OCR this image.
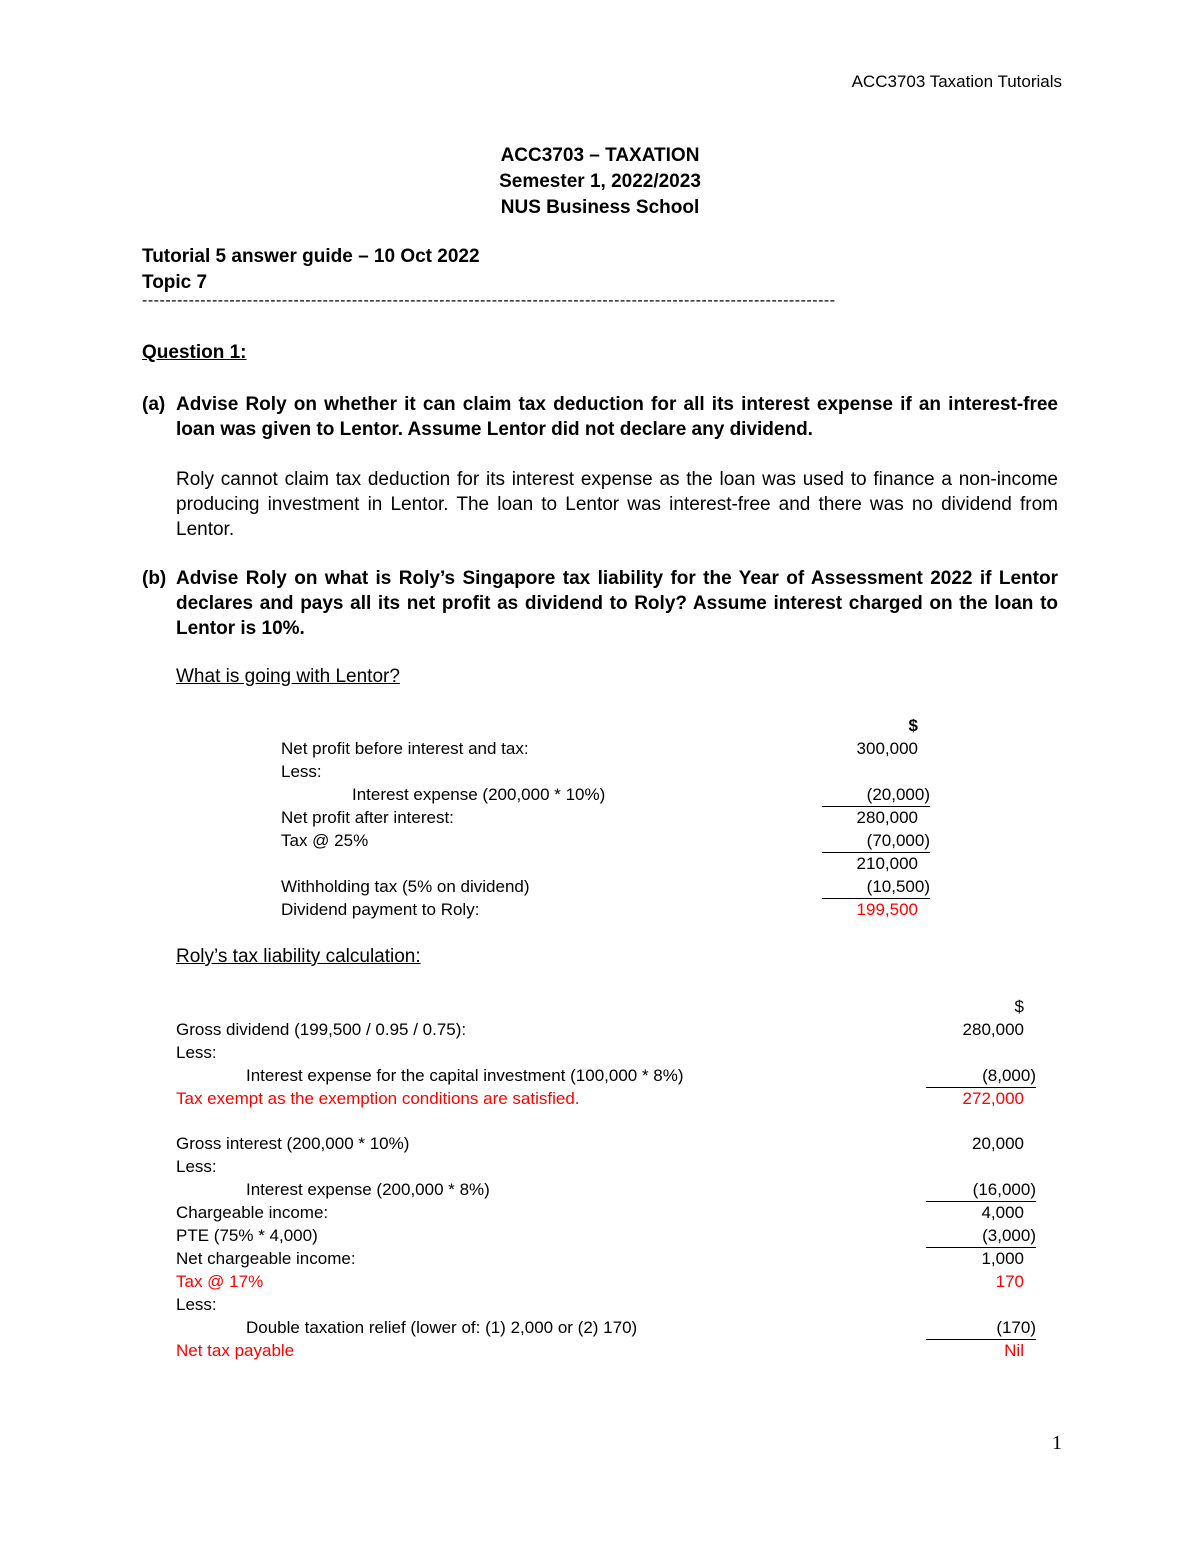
ACC3703 Taxation Tutorials
ACC3703 – TAXATION
Semester 1, 2022/2023
NUS Business School
Tutorial 5 answer guide – 10 Oct 2022
Topic 7
-----------------------------------------------------------------------------------------------------------------------
Question 1:
(a) Advise Roly on whether it can claim tax deduction for all its interest expense if an interest-free loan was given to Lentor. Assume Lentor did not declare any dividend.
Roly cannot claim tax deduction for its interest expense as the loan was used to finance a non-income producing investment in Lentor. The loan to Lentor was interest-free and there was no dividend from Lentor.
(b) Advise Roly on what is Roly’s Singapore tax liability for the Year of Assessment 2022 if Lentor declares and pays all its net profit as dividend to Roly? Assume interest charged on the loan to Lentor is 10%.
What is going with Lentor?
$
Net profit before interest and tax:	300,000
Less:
Interest expense (200,000 * 10%)	(20,000)
Net profit after interest:	280,000
Tax @ 25%	(70,000)
210,000
Withholding tax (5% on dividend)	(10,500)
Dividend payment to Roly:	199,500
Roly’s tax liability calculation:
$
Gross dividend (199,500 / 0.95 / 0.75):	280,000
Less:
Interest expense for the capital investment (100,000 * 8%)	(8,000)
Tax exempt as the exemption conditions are satisfied.	272,000
Gross interest (200,000 * 10%)	20,000
Less:
Interest expense (200,000 * 8%)	(16,000)
Chargeable income:	4,000
PTE (75% * 4,000)	(3,000)
Net chargeable income:	1,000
Tax @ 17%	170
Less:
Double taxation relief (lower of: (1) 2,000 or (2) 170)	(170)
Net tax payable	Nil
1
